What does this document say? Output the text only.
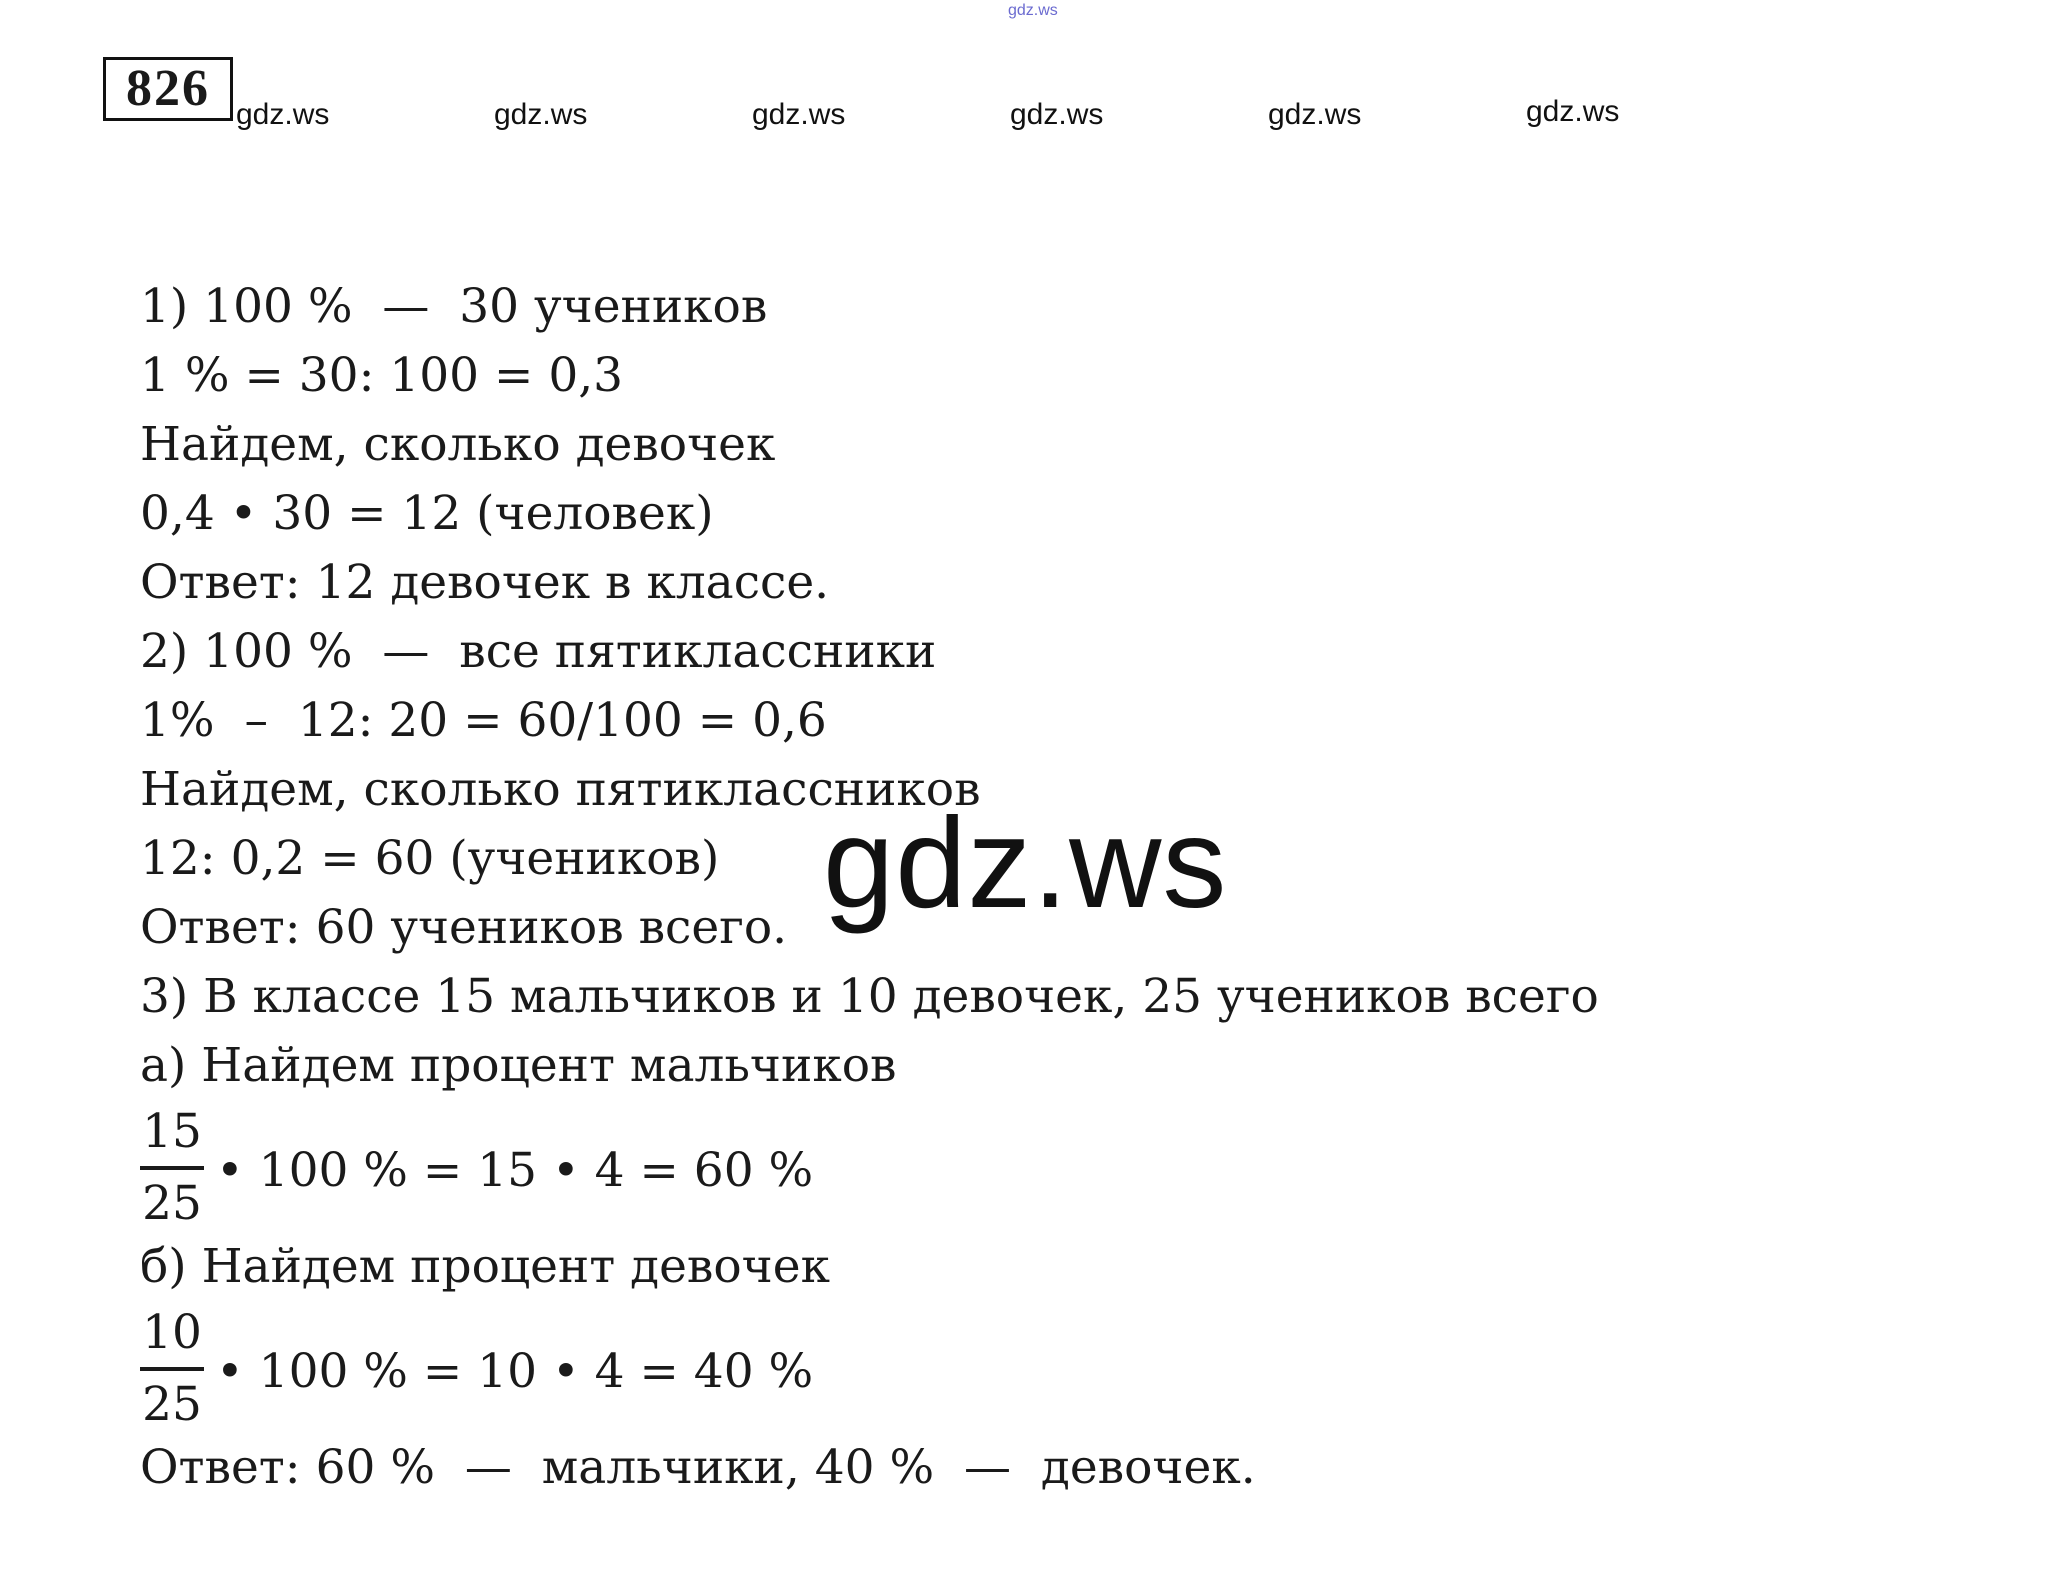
gdz.ws
826 gdz.ws	gdz.ws	gdz.ws	gdz.ws	gdz.ws	gdz.ws
1) 100 %  —  30 учеников
1 % = 30: 100 = 0,3
Найдем, сколько девочек
0,4 • 30 = 12 (человек)
Ответ: 12 девочек в классе.
2) 100 %  —  все пятиклассники
1%  –  12: 20 = 60/100 = 0,6
Найдем, сколько пятиклассников
12: 0,2 = 60 (учеников)
Ответ: 60 учеников всего.
3) В классе 15 мальчиков и 10 девочек, 25 учеников всего
а) Найдем процент мальчиков
15
25
• 100 % = 15 • 4 = 60 %
б) Найдем процент девочек
10
25
• 100 % = 10 • 4 = 40 %
Ответ: 60 %  —  мальчики, 40 %  —  девочек.
gdz.ws
